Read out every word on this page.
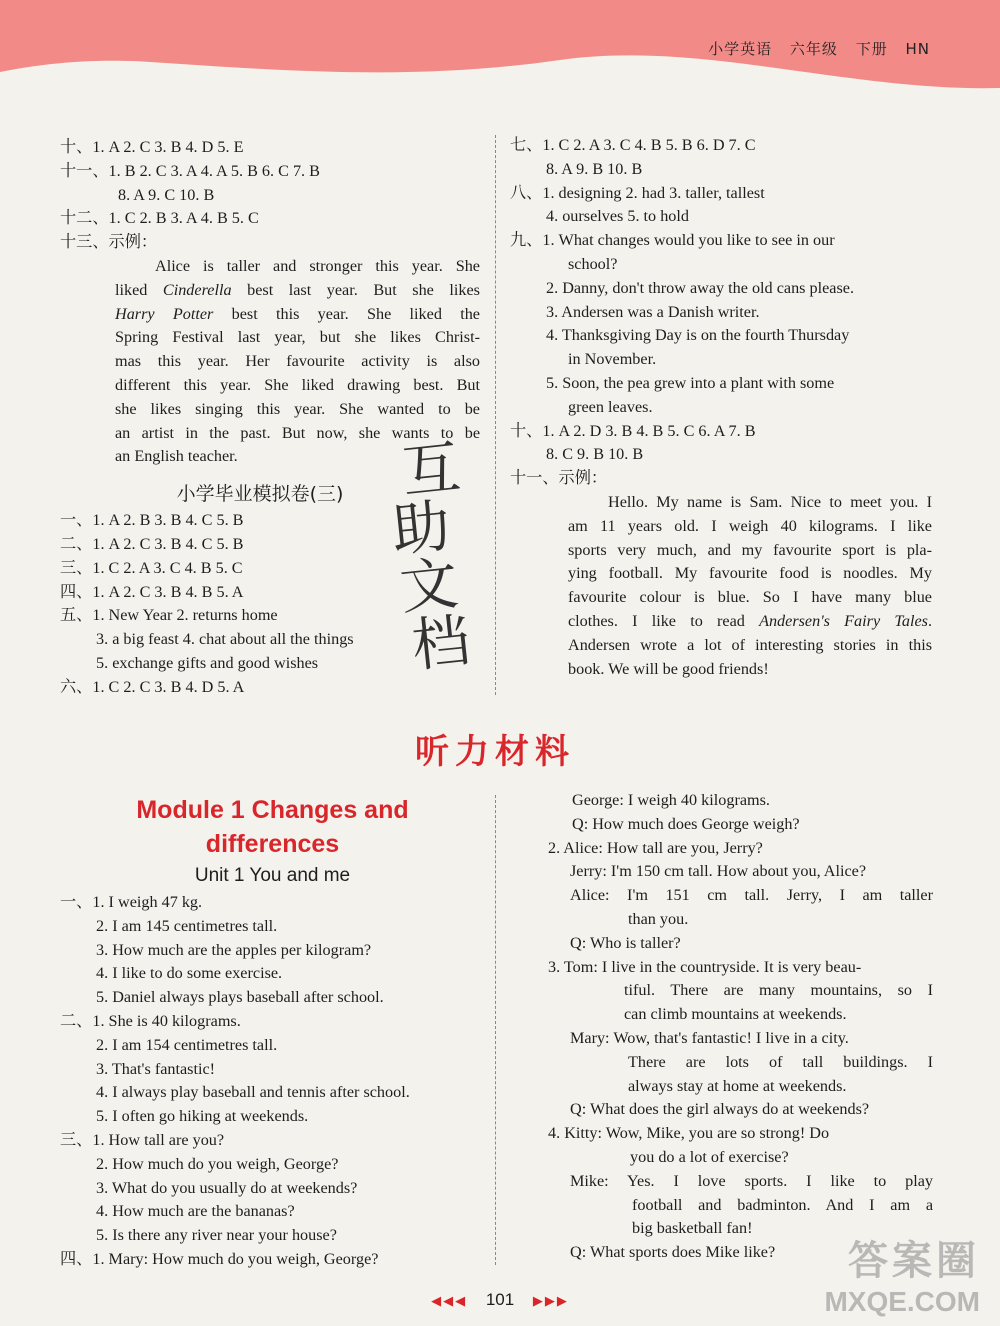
小学英语 六年级 下册 HN
十、1. A 2. C 3. B 4. D 5. E
十一、1. B 2. C 3. A 4. A 5. B 6. C 7. B
8. A 9. C 10. B
十二、1. C 2. B 3. A 4. B 5. C
十三、示例：
Alice is taller and stronger this year. She
liked Cinderella best last year. But she likes
Harry Potter best this year. She liked the
Spring Festival last year, but she likes Christ-
mas this year. Her favourite activity is also
different this year. She liked drawing best. But
she likes singing this year. She wanted to be
an artist in the past. But now, she wants to be
an English teacher.
小学毕业模拟卷(三)
一、1. A 2. B 3. B 4. C 5. B
二、1. A 2. C 3. B 4. C 5. B
三、1. C 2. A 3. C 4. B 5. C
四、1. A 2. C 3. B 4. B 5. A
五、1. New Year 2. returns home
3. a big feast 4. chat about all the things
5. exchange gifts and good wishes
六、1. C 2. C 3. B 4. D 5. A
互
助
文
档
七、1. C 2. A 3. C 4. B 5. B 6. D 7. C
8. A 9. B 10. B
八、1. designing 2. had 3. taller, tallest
4. ourselves 5. to hold
九、1. What changes would you like to see in our
school?
2. Danny, don't throw away the old cans please.
3. Andersen was a Danish writer.
4. Thanksgiving Day is on the fourth Thursday
in November.
5. Soon, the pea grew into a plant with some
green leaves.
十、1. A 2. D 3. B 4. B 5. C 6. A 7. B
8. C 9. B 10. B
十一、示例：
Hello. My name is Sam. Nice to meet you. I
am 11 years old. I weigh 40 kilograms. I like
sports very much, and my favourite sport is pla-
ying football. My favourite food is noodles. My
favourite colour is blue. So I have many blue
clothes. I like to read Andersen's Fairy Tales.
Andersen wrote a lot of interesting stories in this
book. We will be good friends!
听力材料
Module 1 Changes and
differences
Unit 1 You and me
一、1. I weigh 47 kg.
2. I am 145 centimetres tall.
3. How much are the apples per kilogram?
4. I like to do some exercise.
5. Daniel always plays baseball after school.
二、1. She is 40 kilograms.
2. I am 154 centimetres tall.
3. That's fantastic!
4. I always play baseball and tennis after school.
5. I often go hiking at weekends.
三、1. How tall are you?
2. How much do you weigh, George?
3. What do you usually do at weekends?
4. How much are the bananas?
5. Is there any river near your house?
四、1. Mary: How much do you weigh, George?
George: I weigh 40 kilograms.
Q: How much does George weigh?
2. Alice: How tall are you, Jerry?
Jerry: I'm 150 cm tall. How about you, Alice?
Alice: I'm 151 cm tall. Jerry, I am taller
than you.
Q: Who is taller?
3. Tom: I live in the countryside. It is very beau-
tiful. There are many mountains, so I
can climb mountains at weekends.
Mary: Wow, that's fantastic! I live in a city.
There are lots of tall buildings. I
always stay at home at weekends.
Q: What does the girl always do at weekends?
4. Kitty: Wow, Mike, you are so strong! Do
you do a lot of exercise?
Mike: Yes. I love sports. I like to play
football and badminton. And I am a
big basketball fan!
Q: What sports does Mike like?
◀◀◀ 101 ▶▶▶
答案圈
MXQE.COM
